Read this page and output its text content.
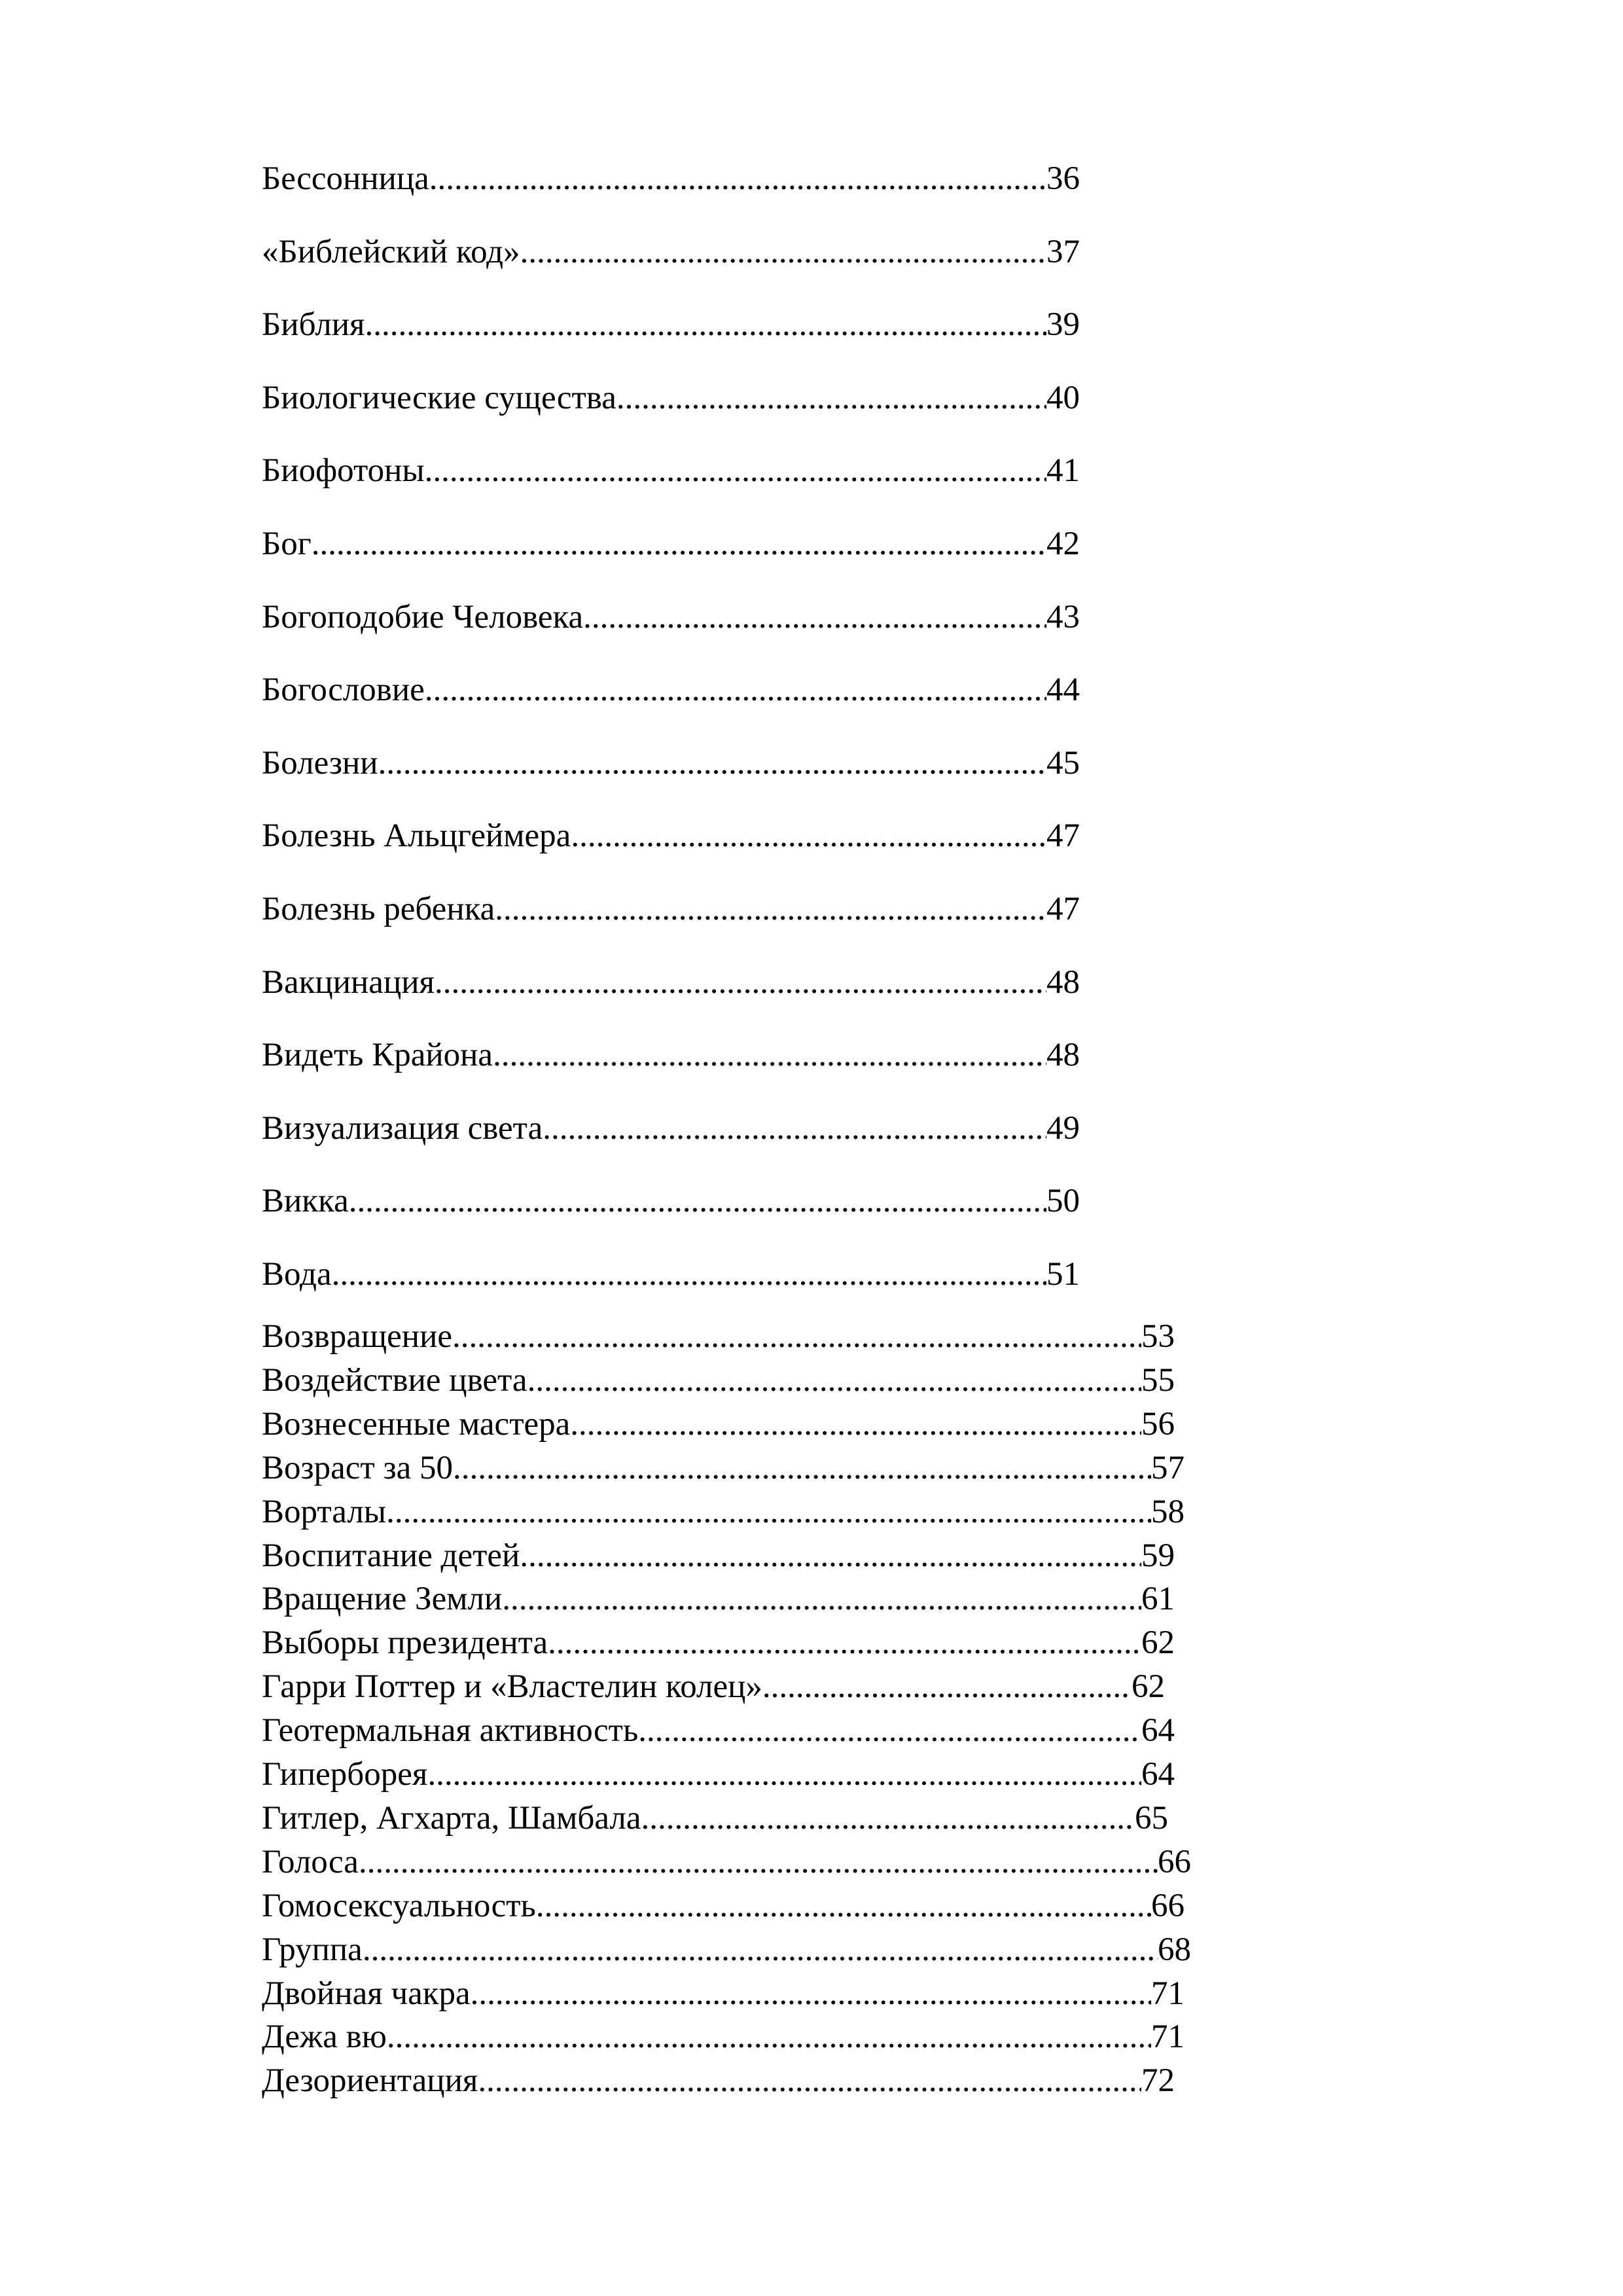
Бессонница .....	36
«Библейский код» .....	37
Библия .....	39
Биологические существа .....	40
Биофотоны .....	41
Бог .....	42
Богоподобие Человека .....	43
Богословие .....	44
Болезни .....	45
Болезнь Альцгеймера .....	47
Болезнь ребенка .....	47
Вакцинация .....	48
Видеть Крайона .....	48
Визуализация света .....	49
Викка .....	50
Вода .....	51
Возвращение .....	53
Воздействие цвета .....	55
Вознесенные мастера .....	56
Возраст за 50 .....	57
Ворталы .....	58
Воспитание детей .....	59
Вращение Земли .....	61
Выборы президента .....	62
Гарри Поттер и «Властелин колец» .....	62
Геотермальная активность .....	64
Гиперборея .....	64
Гитлер, Агхарта, Шамбала .....	65
Голоса .....	66
Гомосексуальность .....	66
Группа .....	68
Двойная чакра .....	71
Дежа вю .....	71
Дезориентация .....	72
